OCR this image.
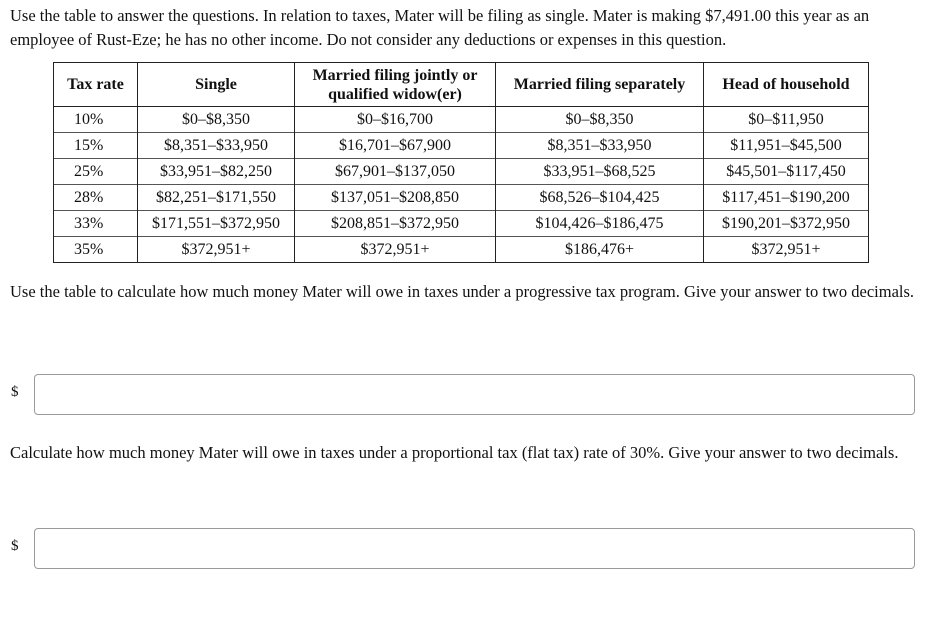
Use the table to answer the questions. In relation to taxes, Mater will be filing as single. Mater is making $7,491.00 this year as an employee of Rust-Eze; he has no other income. Do not consider any deductions or expenses in this question.

Tax rate	Single	Married filing jointly or qualified widow(er)	Married filing separately	Head of household
10%	$0–$8,350	$0–$16,700	$0–$8,350	$0–$11,950
15%	$8,351–$33,950	$16,701–$67,900	$8,351–$33,950	$11,951–$45,500
25%	$33,951–$82,250	$67,901–$137,050	$33,951–$68,525	$45,501–$117,450
28%	$82,251–$171,550	$137,051–$208,850	$68,526–$104,425	$117,451–$190,200
33%	$171,551–$372,950	$208,851–$372,950	$104,426–$186,475	$190,201–$372,950
35%	$372,951+	$372,951+	$186,476+	$372,951+

Use the table to calculate how much money Mater will owe in taxes under a progressive tax program. Give your answer to two decimals.

$

Calculate how much money Mater will owe in taxes under a proportional tax (flat tax) rate of 30%. Give your answer to two decimals.

$
